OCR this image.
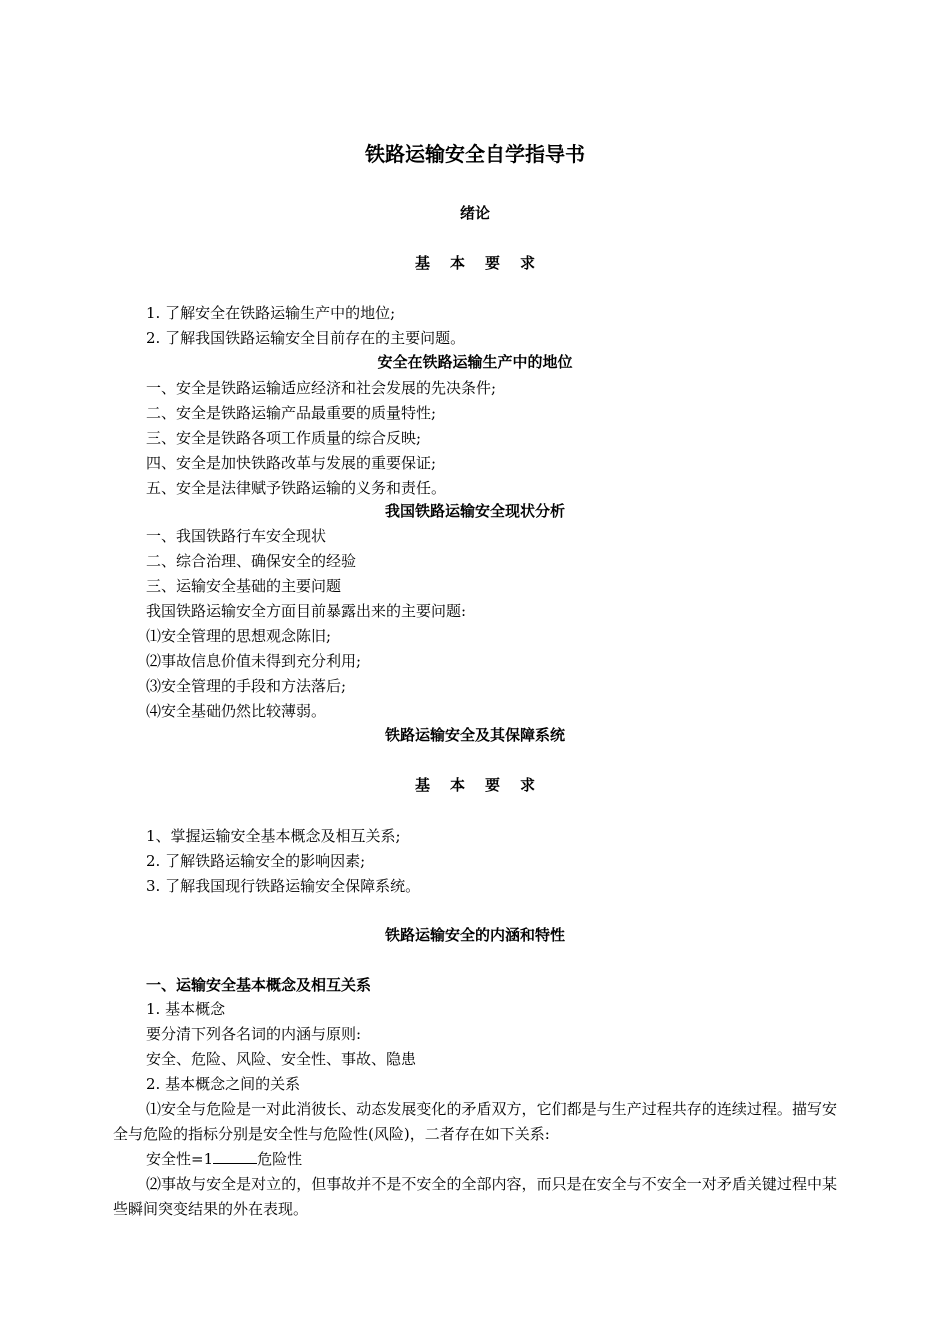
铁路运输安全自学指导书
绪论
基本要求
1. 了解安全在铁路运输生产中的地位;
2. 了解我国铁路运输安全目前存在的主要问题。
安全在铁路运输生产中的地位
一、安全是铁路运输适应经济和社会发展的先决条件;
二、安全是铁路运输产品最重要的质量特性;
三、安全是铁路各项工作质量的综合反映;
四、安全是加快铁路改革与发展的重要保证;
五、安全是法律赋予铁路运输的义务和责任。
我国铁路运输安全现状分析
一、我国铁路行车安全现状
二、综合治理、确保安全的经验
三、运输安全基础的主要问题
我国铁路运输安全方面目前暴露出来的主要问题:
⑴安全管理的思想观念陈旧;
⑵事故信息价值未得到充分利用;
⑶安全管理的手段和方法落后;
⑷安全基础仍然比较薄弱。
铁路运输安全及其保障系统
基本要求
1、掌握运输安全基本概念及相互关系;
2. 了解铁路运输安全的影响因素;
3. 了解我国现行铁路运输安全保障系统。
铁路运输安全的内涵和特性
一、运输安全基本概念及相互关系
1. 基本概念
要分清下列各名词的内涵与原则:
安全、危险、风险、安全性、事故、隐患
2. 基本概念之间的关系
⑴安全与危险是一对此消彼长、动态发展变化的矛盾双方，它们都是与生产过程共存的连续过程。描写安全与危险的指标分别是安全性与危险性(风险)，二者存在如下关系:
安全性=1	危险性
⑵事故与安全是对立的，但事故并不是不安全的全部内容，而只是在安全与不安全一对矛盾关键过程中某些瞬间突变结果的外在表现。
